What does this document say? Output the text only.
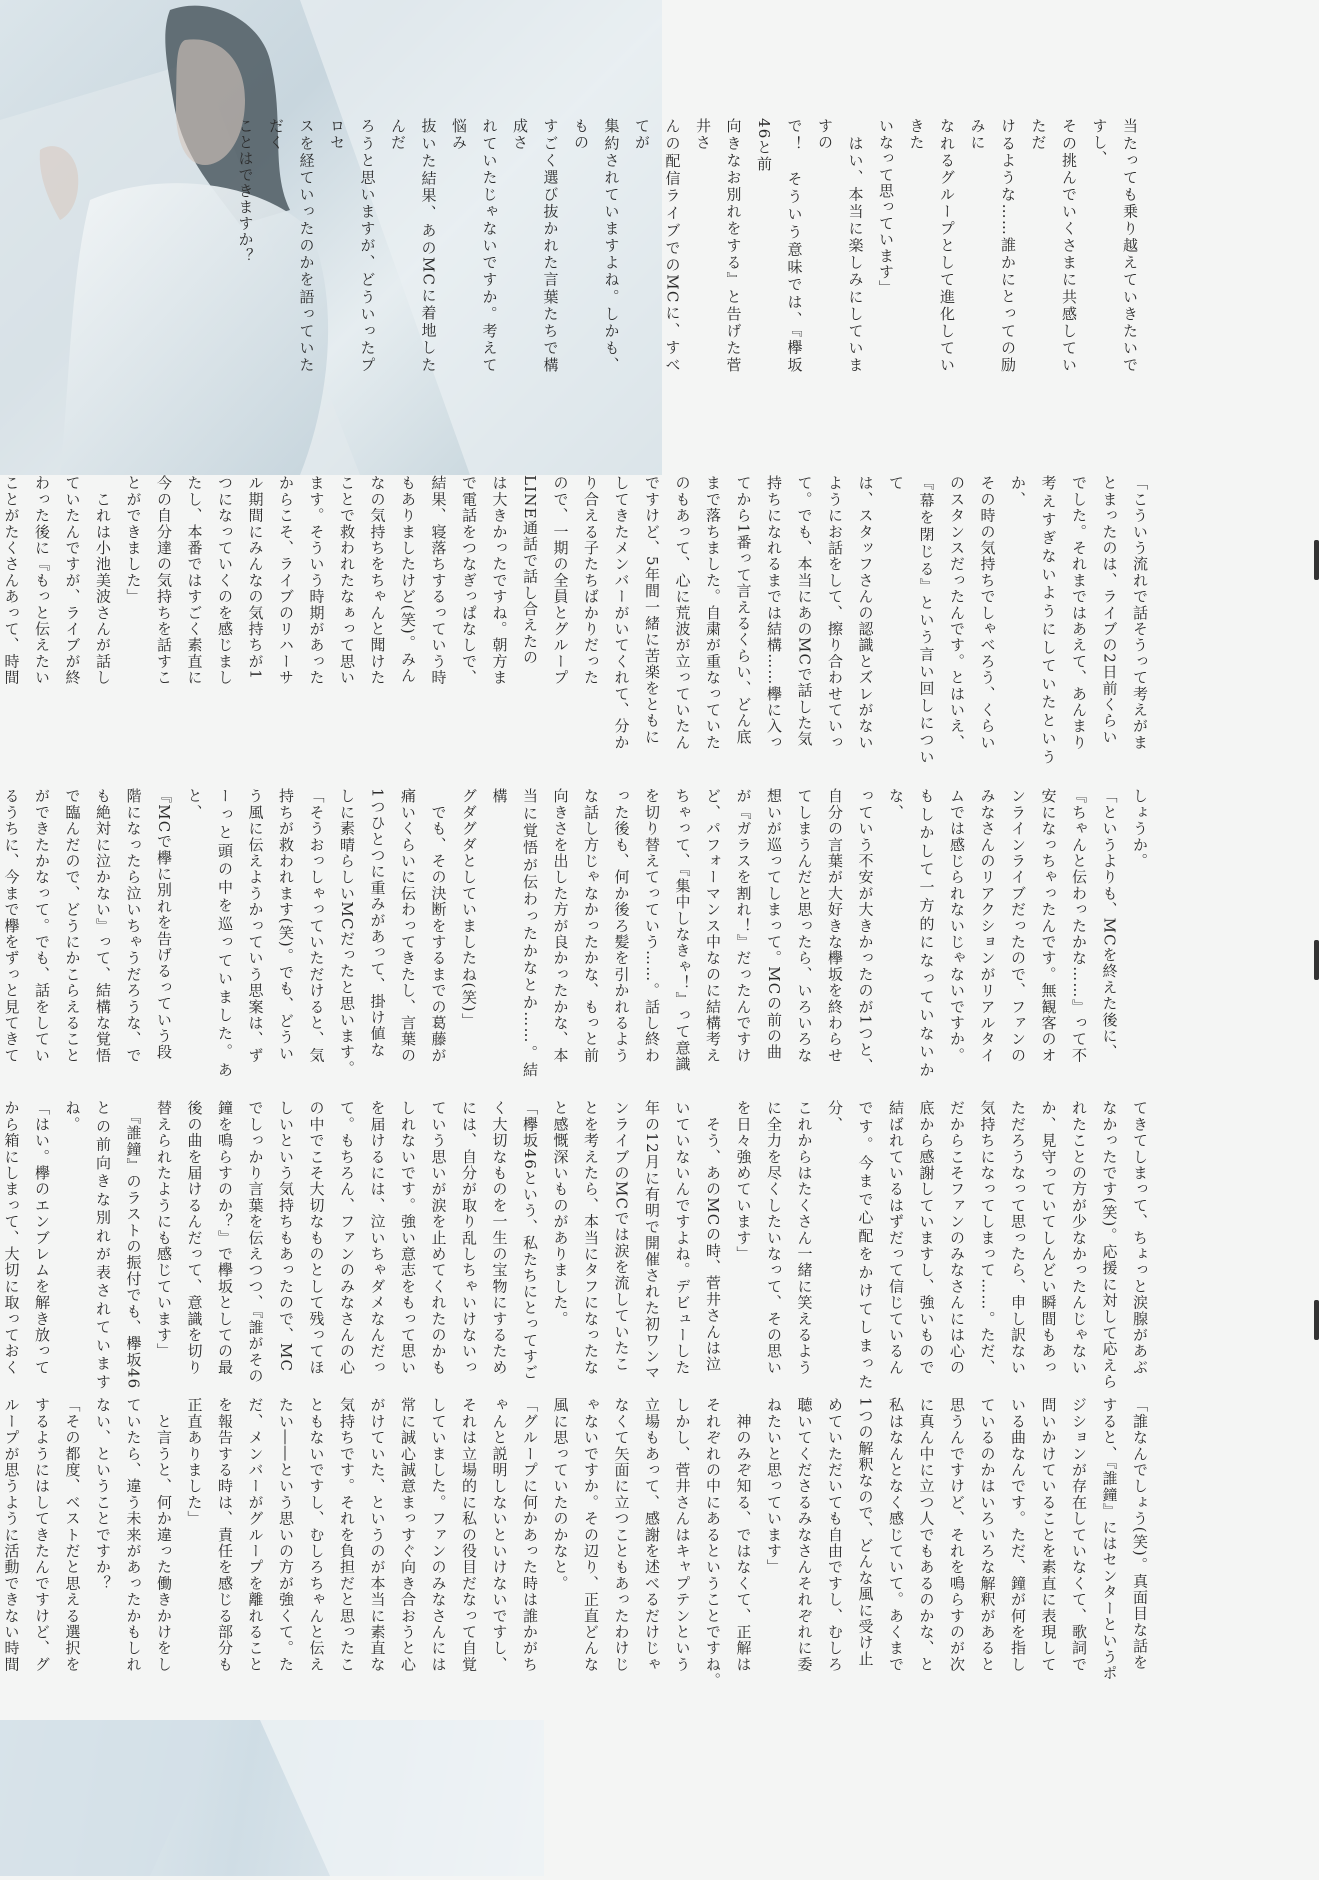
当たっても乗り越えていきたいですし、
その挑んでいくさまに共感していただ
けるような……誰かにとっての励みに
なれるグループとして進化していきた
いなって思っています」
　はい、本当に楽しみにしていますの
で！　そういう意味では、『欅坂46と前
向きなお別れをする』と告げた菅井さ
んの配信ライブでのMCに、すべてが
集約されていますよね。しかも、もの
すごく選び抜かれた言葉たちで構成さ
れていたじゃないですか。考えて悩み
抜いた結果、あのMCに着地したんだ
ろうと思いますが、どういったプロセ
スを経ていったのかを語っていただく
ことはできますか？
「こういう流れで話そうって考えがま
とまったのは、ライブの2日前くらい
でした。それまではあえて、あんまり
考えすぎないようにしていたというか、
その時の気持ちでしゃべろう、くらい
のスタンスだったんです。とはいえ、
『幕を閉じる』という言い回しについて
は、スタッフさんの認識とズレがない
ようにお話をして、擦り合わせていっ
て。でも、本当にあのMCで話した気
持ちになれるまでは結構……欅に入っ
てから1番って言えるくらい、どん底
まで落ちました。自粛が重なっていた
のもあって、心に荒波が立っていたん
ですけど、5年間一緒に苦楽をともに
してきたメンバーがいてくれて、分か
り合える子たちばかりだった
ので、一期の全員とグループ
LINE通話で話し合えたの
は大きかったですね。朝方ま
で電話をつなぎっぱなしで、
結果、寝落ちするっていう時
もありましたけど(笑)。みん
なの気持ちをちゃんと聞けた
ことで救われたなぁって思い
ます。そういう時期があった
からこそ、ライブのリハーサ
ル期間にみんなの気持ちが1
つになっていくのを感じまし
たし、本番ではすごく素直に
今の自分達の気持ちを話すこ
とができました」
　これは小池美波さんが話し
ていたんですが、ライブが終
わった後に『もっと伝えたい
ことがたくさんあって、時間

しょうか。
「というよりも、MCを終えた後に、
『ちゃんと伝わったかな……』って不
安になっちゃったんです。無観客のオ
ンラインライブだったので、ファンの
みなさんのリアクションがリアルタイ
ムでは感じられないじゃないですか。
もしかして一方的になっていないかな、
っていう不安が大きかったのが1つと、
自分の言葉が大好きな欅坂を終わらせ
てしまうんだと思ったら、いろいろな
想いが巡ってしまって。MCの前の曲
が『ガラスを割れ！』だったんですけ
ど、パフォーマンス中なのに結構考え
ちゃって、『集中しなきゃ！』って意識
を切り替えてっていう……。話し終わ
った後も、何か後ろ髪を引かれるよう
な話し方じゃなかったかな、もっと前
向きさを出した方が良かったかな、本
当に覚悟が伝わったかなとか……。結構
グダグダとしていましたね(笑)」
　でも、その決断をするまでの葛藤が
痛いくらいに伝わってきたし、言葉の
1つひとつに重みがあって、掛け値な
しに素晴らしいMCだったと思います。
「そうおっしゃっていただけると、気
持ちが救われます(笑)。でも、どうい
う風に伝えようかっていう思案は、ず
ーっと頭の中を巡っていました。あと、
『MCで欅に別れを告げるっていう段
階になったら泣いちゃうだろうな、で
も絶対に泣かない』って、結構な覚悟
で臨んだので、どうにかこらえること
ができたかなって。でも、話をしてい
るうちに、今まで欅をずっと見てきて

てきてしまって、ちょっと涙腺があぶ
なかったです(笑)。応援に対して応えら
れたことの方が少なかったんじゃない
か、見守っていてしんどい瞬間もあっ
ただろうなって思ったら、申し訳ない
気持ちになってしまって……。ただ、
だからこそファンのみなさんには心の
底から感謝していますし、強いもので
結ばれているはずだって信じているん
です。今まで心配をかけてしまった分、
これからはたくさん一緒に笑えるよう
に全力を尽くしたいなって、その思い
を日々強めています」
　そう、あのMCの時、菅井さんは泣
いていないんですよね。デビューした
年の12月に有明で開催された初ワンマ
ンライブのMCでは涙を流していたこ
とを考えたら、本当にタフになったな
と感慨深いものがありました。
「欅坂46という、私たちにとってすご
く大切なものを一生の宝物にするため
には、自分が取り乱しちゃいけないっ
ていう思いが涙を止めてくれたのかも
しれないです。強い意志をもって思い
を届けるには、泣いちゃダメなんだっ
て。もちろん、ファンのみなさんの心
の中でこそ大切なものとして残ってほ
しいという気持ちもあったので、MC
でしっかり言葉を伝えつつ、『誰がその
鐘を鳴らすのか？』で欅坂としての最
後の曲を届けるんだって、意識を切り
替えられたようにも感じています」
　『誰鐘』のラストの振付でも、欅坂46
との前向きな別れが表されていますね。
「はい。欅のエンブレムを解き放って
から箱にしまって、大切に取っておく

「誰なんでしょう(笑)。真面目な話を
すると、『誰鐘』にはセンターというポ
ジションが存在していなくて、歌詞で
問いかけていることを素直に表現して
いる曲なんです。ただ、鐘が何を指し
ているのかはいろいろな解釈があると
思うんですけど、それを鳴らすのが次
に真ん中に立つ人でもあるのかな、と
私はなんとなく感じていて。あくまで
1つの解釈なので、どんな風に受け止
めていただいても自由ですし、むしろ
聴いてくださるみなさんそれぞれに委
ねたいと思っています」
　神のみぞ知る、ではなくて、正解は
それぞれの中にあるということですね。
しかし、菅井さんはキャプテンという
立場もあって、感謝を述べるだけじゃ
なくて矢面に立つこともあったわけじ
ゃないですか。その辺り、正直どんな
風に思っていたのかなと。
「グループに何かあった時は誰かがち
ゃんと説明しないといけないですし、
それは立場的に私の役目だなって自覚
していました。ファンのみなさんには
常に誠心誠意まっすぐ向き合おうと心
がけていた、というのが本当に素直な
気持ちです。それを負担だと思ったこ
ともないですし、むしろちゃんと伝え
たい――という思いの方が強くて。た
だ、メンバーがグループを離れること
を報告する時は、責任を感じる部分も
正直ありました」
　と言うと、何か違った働きかけをし
ていたら、違う未来があったかもしれ
ない、ということですか？
「その都度、ベストだと思える選択を
するようにはしてきたんですけど、グ
ループが思うように活動できない時間
